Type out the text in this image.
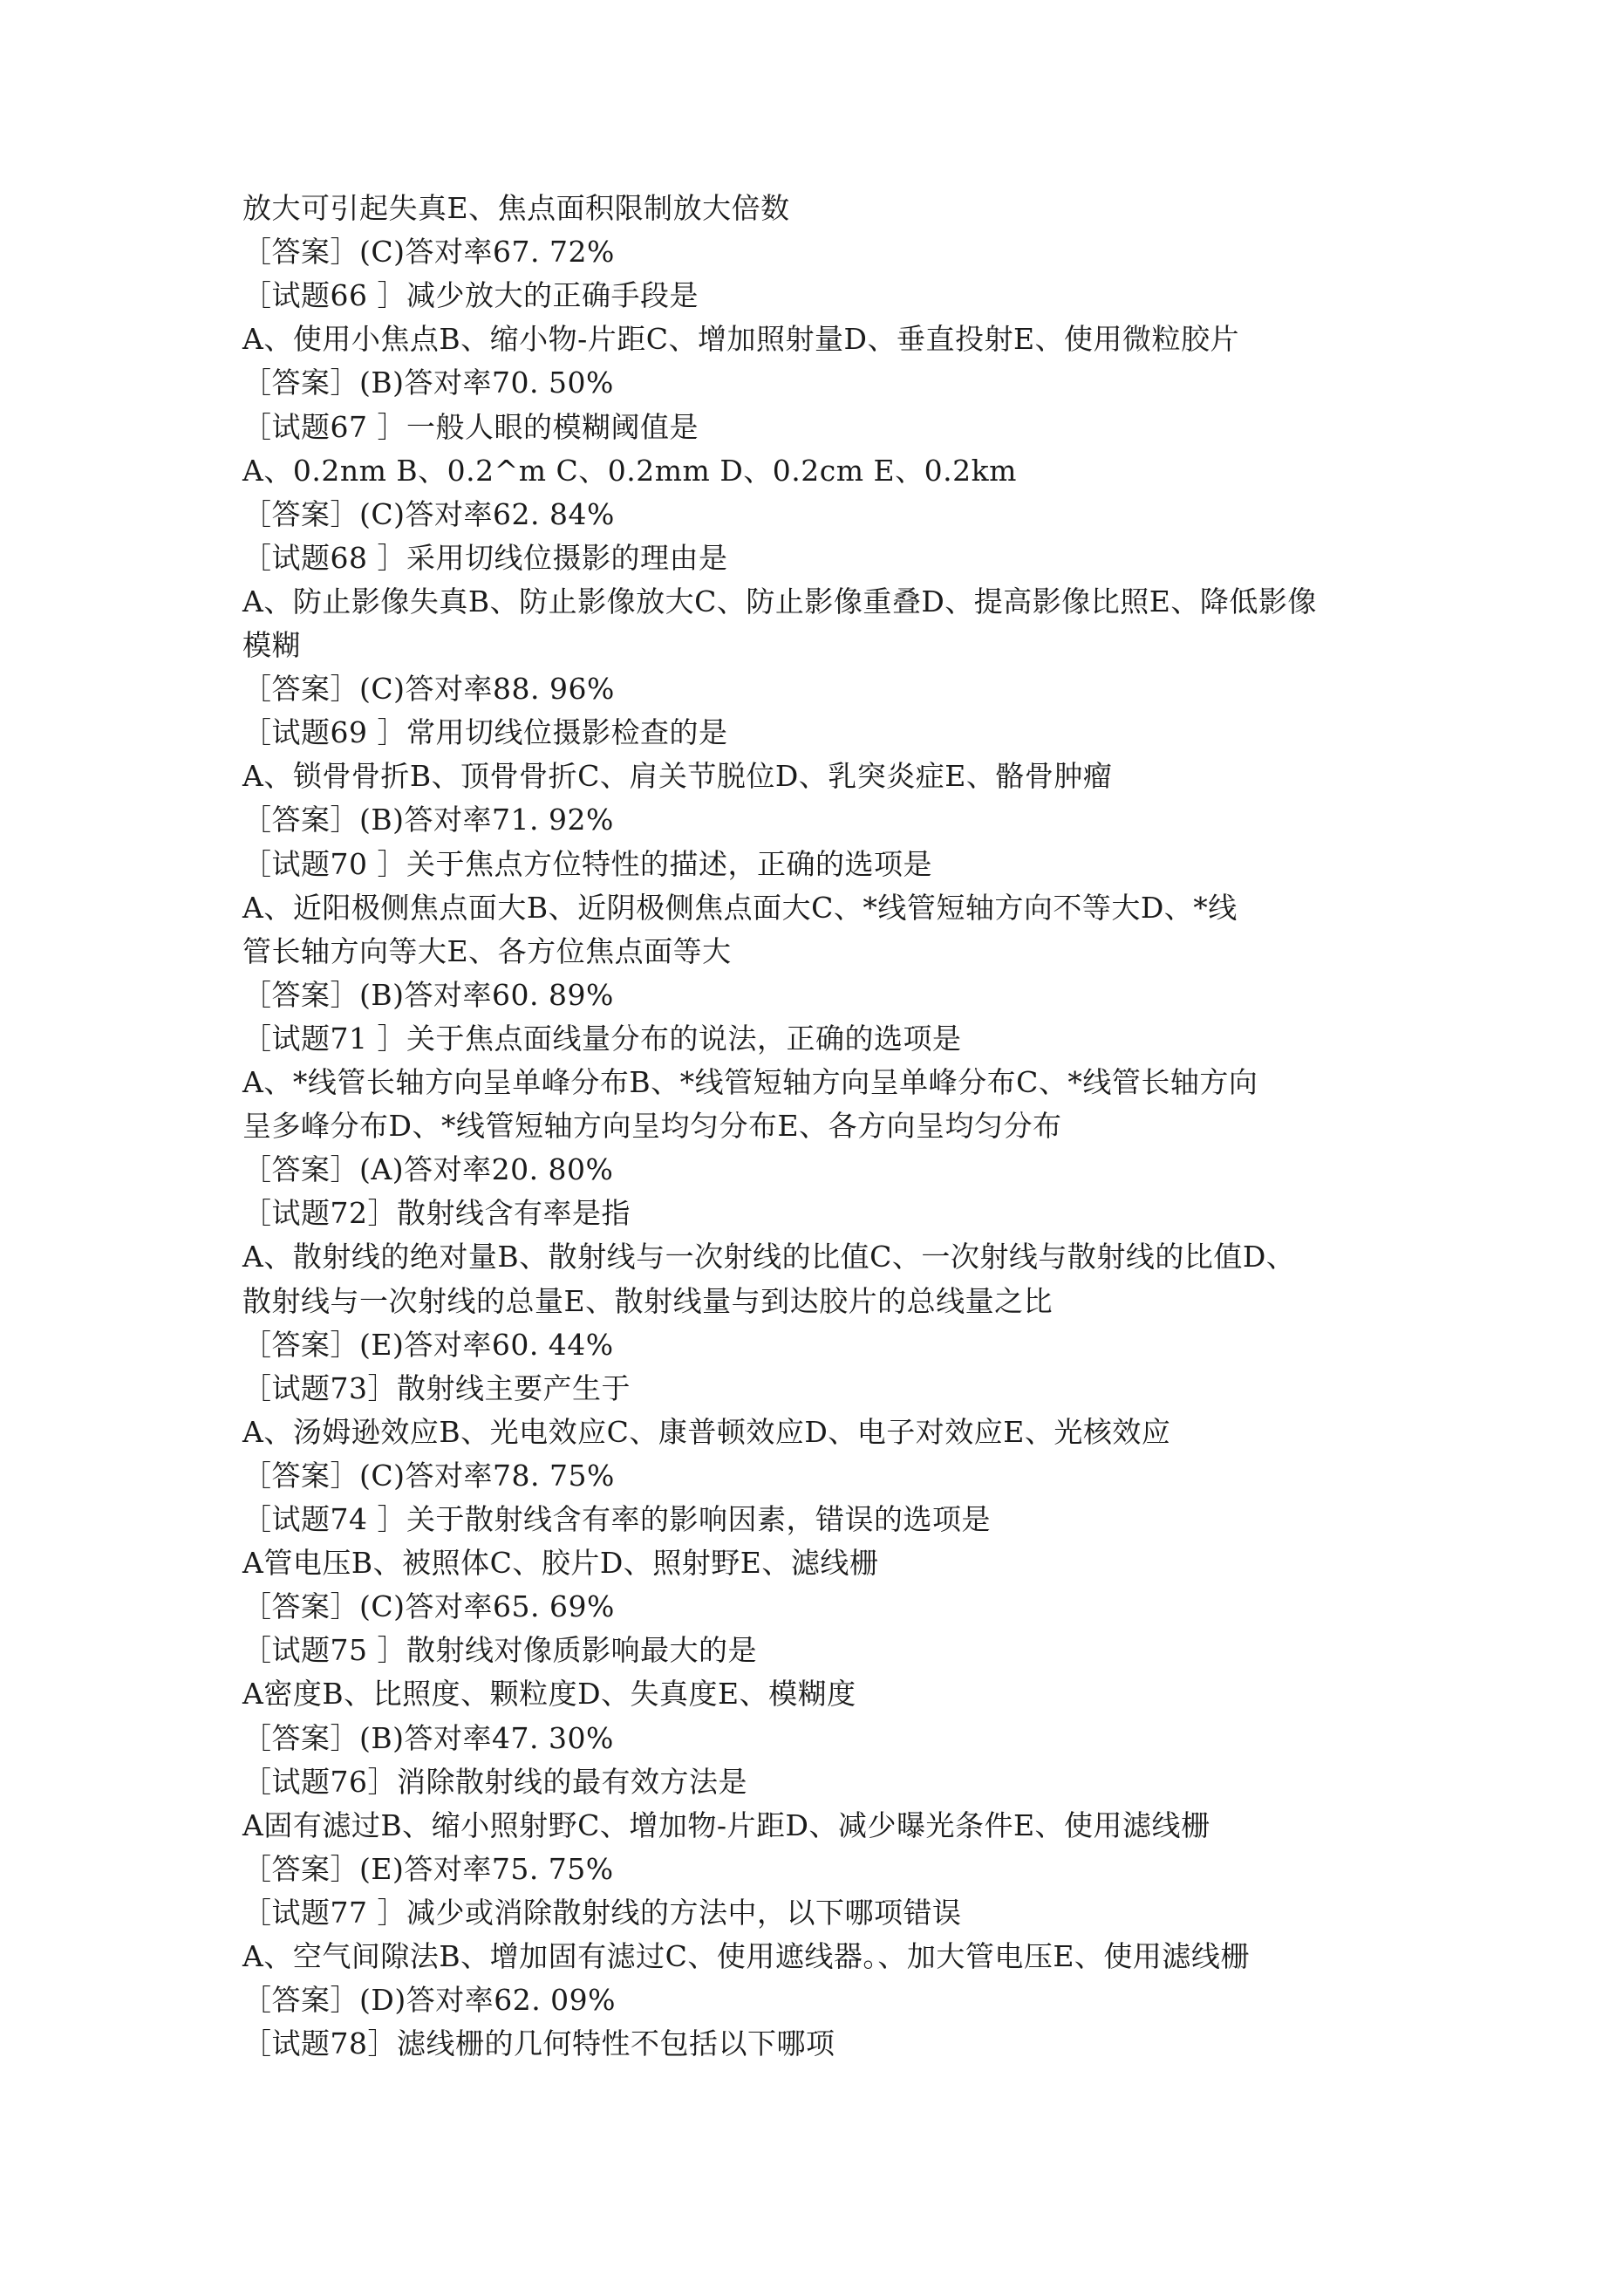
放大可引起失真E、焦点面积限制放大倍数
［答案］(C)答对率67. 72%
［试题66 ］减少放大的正确手段是
A、使用小焦点B、缩小物-片距C、增加照射量D、垂直投射E、使用微粒胶片
［答案］(B)答对率70. 50%
［试题67 ］一般人眼的模糊阈值是
A、0.2nm B、0.2^m C、0.2mm D、0.2cm E、0.2km
［答案］(C)答对率62. 84%
［试题68 ］采用切线位摄影的理由是
A、防止影像失真B、防止影像放大C、防止影像重叠D、提高影像比照E、降低影像
模糊
［答案］(C)答对率88. 96%
［试题69 ］常用切线位摄影检查的是
A、锁骨骨折B、顶骨骨折C、肩关节脱位D、乳突炎症E、骼骨肿瘤
［答案］(B)答对率71. 92%
［试题70 ］关于焦点方位特性的描述，正确的选项是
A、近阳极侧焦点面大B、近阴极侧焦点面大C、*线管短轴方向不等大D、*线
管长轴方向等大E、各方位焦点面等大
［答案］(B)答对率60. 89%
［试题71 ］关于焦点面线量分布的说法，正确的选项是
A、*线管长轴方向呈单峰分布B、*线管短轴方向呈单峰分布C、*线管长轴方向
呈多峰分布D、*线管短轴方向呈均匀分布E、各方向呈均匀分布
［答案］(A)答对率20. 80%
［试题72］散射线含有率是指
A、散射线的绝对量B、散射线与一次射线的比值C、一次射线与散射线的比值D、
散射线与一次射线的总量E、散射线量与到达胶片的总线量之比
［答案］(E)答对率60. 44%
［试题73］散射线主要产生于
A、汤姆逊效应B、光电效应C、康普顿效应D、电子对效应E、光核效应
［答案］(C)答对率78. 75%
［试题74 ］关于散射线含有率的影响因素，错误的选项是
A管电压B、被照体C、胶片D、照射野E、滤线栅
［答案］(C)答对率65. 69%
［试题75 ］散射线对像质影响最大的是
A密度B、比照度、颗粒度D、失真度E、模糊度
［答案］(B)答对率47. 30%
［试题76］消除散射线的最有效方法是
A固有滤过B、缩小照射野C、增加物-片距D、减少曝光条件E、使用滤线栅
［答案］(E)答对率75. 75%
［试题77 ］减少或消除散射线的方法中，以下哪项错误
A、空气间隙法B、增加固有滤过C、使用遮线器。、加大管电压E、使用滤线栅
［答案］(D)答对率62. 09%
［试题78］滤线栅的几何特性不包括以下哪项
